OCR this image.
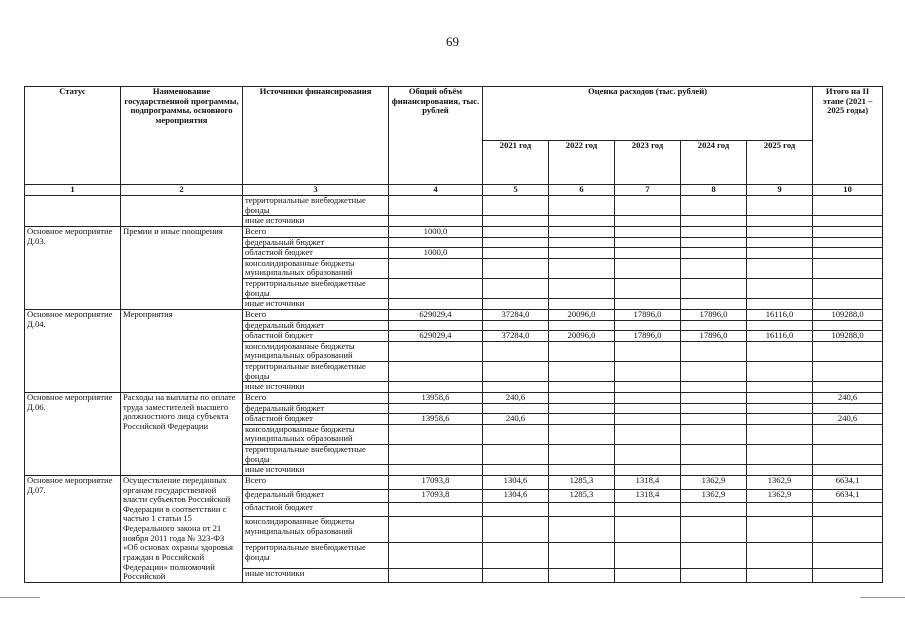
69
Статус	Наименование государственной программы, подпрограммы, основного мероприятия	Источники финансирования	Общий объём финансирования, тыс. рублей	Оценка расходов (тыс. рублей)					Итого на II этапе (2021 – 2025 годы)
				2021 год	2022 год	2023 год	2024 год	2025 год	
1	2	3	4	5	6	7	8	9	10
		территориальные внебюджетные фонды							
		иные источники							
Основное мероприятие Д.03.	Премии и иные поощрения	Всего	1000,0						
		федеральный бюджет							
		областной бюджет	1000,0						
		консолидированные бюджеты муниципальных образований							
		территориальные внебюджетные фонды							
		иные источники							
Основное мероприятие Д.04.	Мероприятия	Всего	629029,4	37284,0	20096,0	17896,0	17896,0	16116,0	109288,0
		федеральный бюджет							
		областной бюджет	629029,4	37284,0	20096,0	17896,0	17896,0	16116,0	109288,0
		консолидированные бюджеты муниципальных образований							
		территориальные внебюджетные фонды							
		иные источники							
Основное мероприятие Д.06.	Расходы на выплаты по оплате труда заместителей высшего должностного лица субъекта Российской Федерации	Всего	13958,6	240,6					240,6
		федеральный бюджет							
		областной бюджет	13958,6	240,6					240,6
		консолидированные бюджеты муниципальных образований							
		территориальные внебюджетные фонды							
		иные источники							
Основное мероприятие Д.07.	Осуществление переданных органам государственной власти субъектов Российской Федерации в соответствии с частью 1 статьи 15 Федерального закона от 21 ноября 2011 года № 323-ФЗ «Об основах охраны здоровья граждан в Российской Федерации» полномочий Российской	Всего	17093,8	1304,6	1285,3	1318,4	1362,9	1362,9	6634,1
		федеральный бюджет	17093,8	1304,6	1285,3	1318,4	1362,9	1362,9	6634,1
		областной бюджет							
		консолидированные бюджеты муниципальных образований							
		территориальные внебюджетные фонды							
		иные источники							
